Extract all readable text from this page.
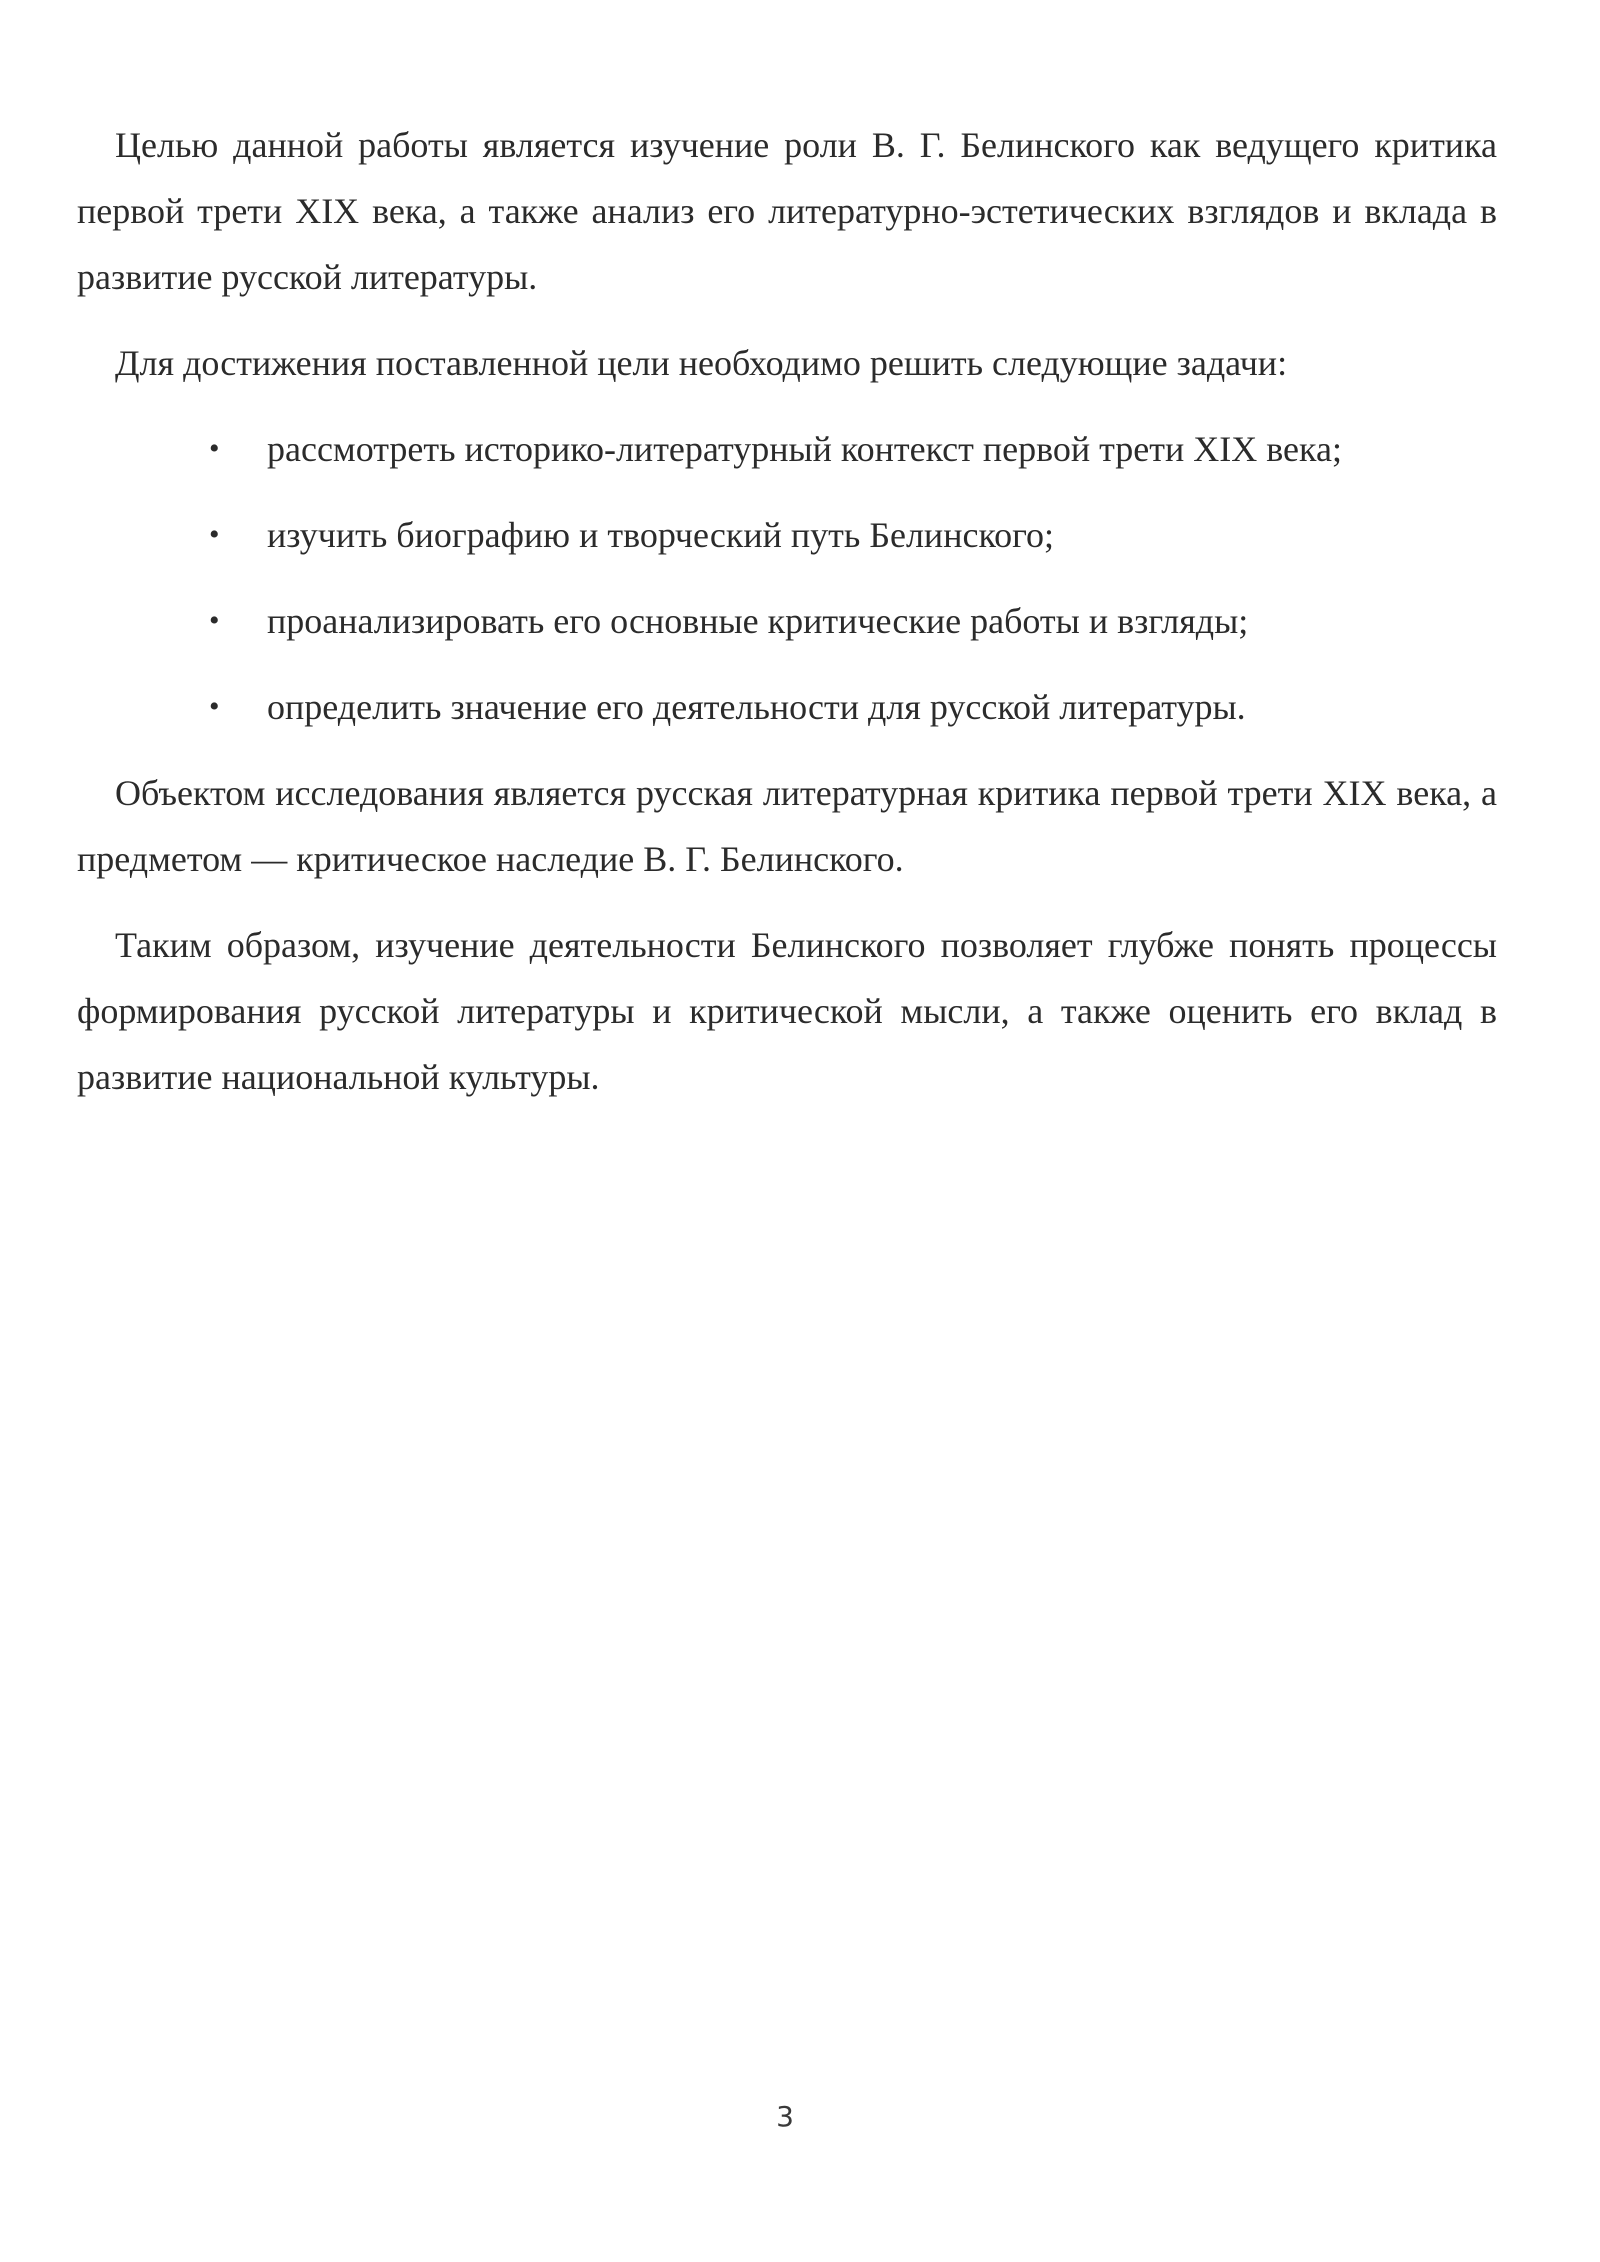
Целью данной работы является изучение роли В. Г. Белинского как ведущего критика первой трети XIX века, а также анализ его литературно-эстетических взглядов и вклада в развитие русской литературы.

Для достижения поставленной цели необходимо решить следующие задачи:

• рассмотреть историко-литературный контекст первой трети XIX века;
• изучить биографию и творческий путь Белинского;
• проанализировать его основные критические работы и взгляды;
• определить значение его деятельности для русской литературы.

Объектом исследования является русская литературная критика первой трети XIX века, а предметом — критическое наследие В. Г. Белинского.

Таким образом, изучение деятельности Белинского позволяет глубже понять процессы формирования русской литературы и критической мысли, а также оценить его вклад в развитие национальной культуры.

3
